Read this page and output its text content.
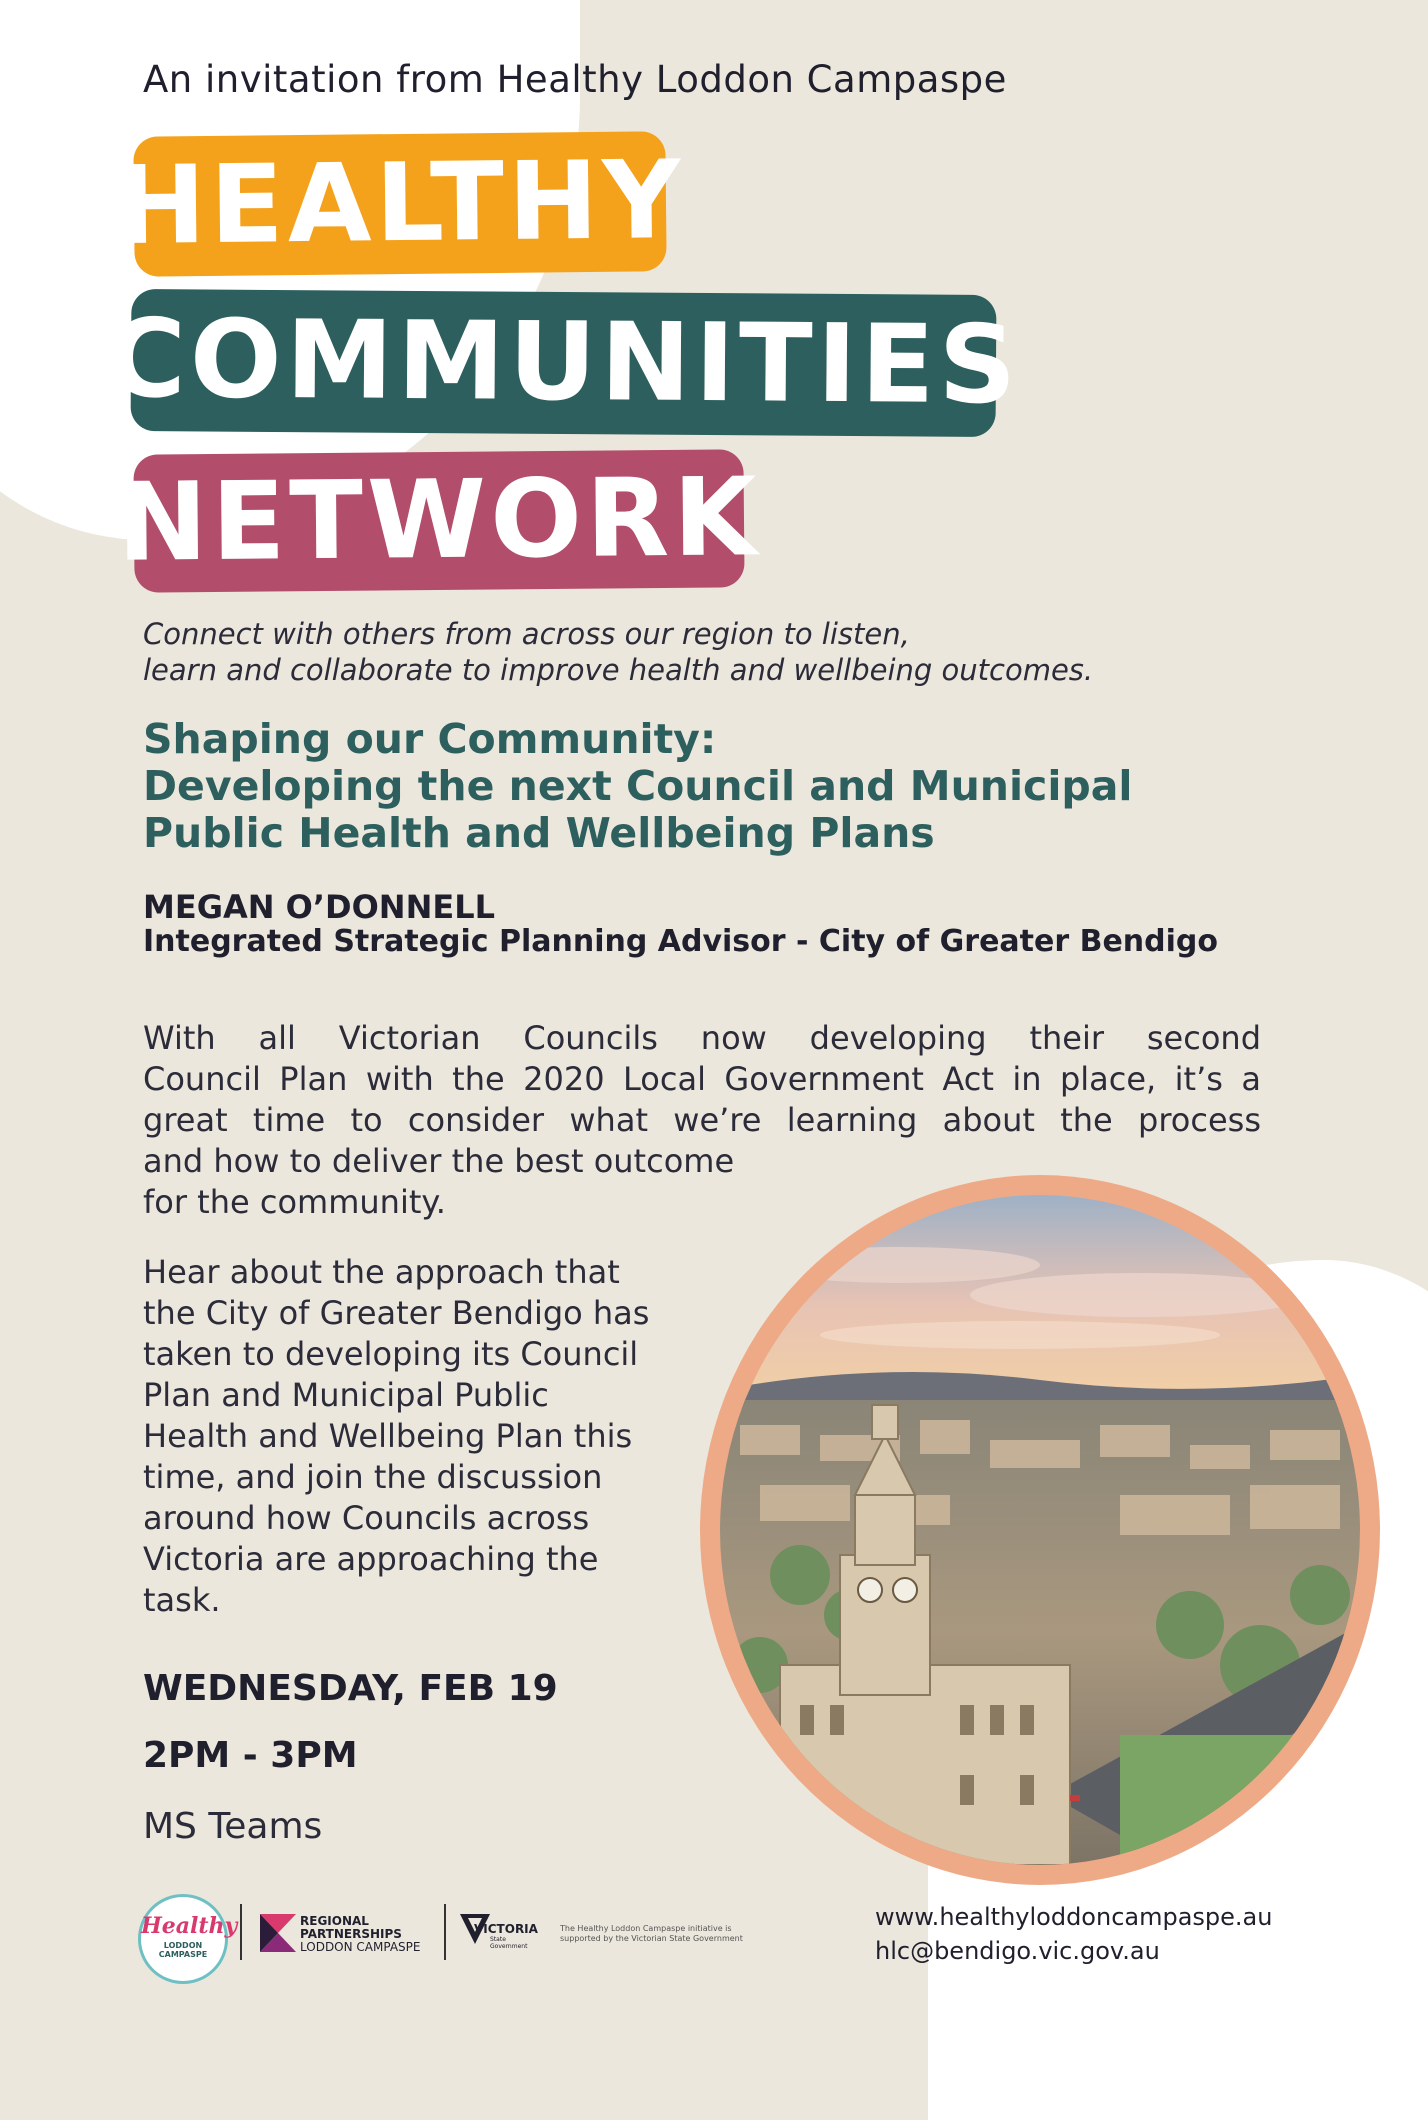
An invitation from Healthy Loddon Campaspe
HEALTHY
COMMUNITIES
NETWORK
Connect with others from across our region to listen,
learn and collaborate to improve health and wellbeing outcomes.
Shaping our Community:
Developing the next Council and Municipal
Public Health and Wellbeing Plans
MEGAN O’DONNELL
Integrated Strategic Planning Advisor - City of Greater Bendigo
With all Victorian Councils now developing their second
Council Plan with the 2020 Local Government Act in place, it’s a
great time to consider what we’re learning about the process
and how to deliver the best outcome
for the community.
Hear about the approach that
the City of Greater Bendigo has
taken to developing its Council
Plan and Municipal Public
Health and Wellbeing Plan this
time, and join the discussion
around how Councils across
Victoria are approaching the
task.
WEDNESDAY, FEB 19
2PM - 3PM
MS Teams
Healthy
LODDON
CAMPASPE
REGIONAL
PARTNERSHIPS
LODDON CAMPASPE
VICTORIA
State
Government
The Healthy Loddon Campaspe initiative is supported by the Victorian State Government
www.healthyloddoncampaspe.au
hlc@bendigo.vic.gov.au
